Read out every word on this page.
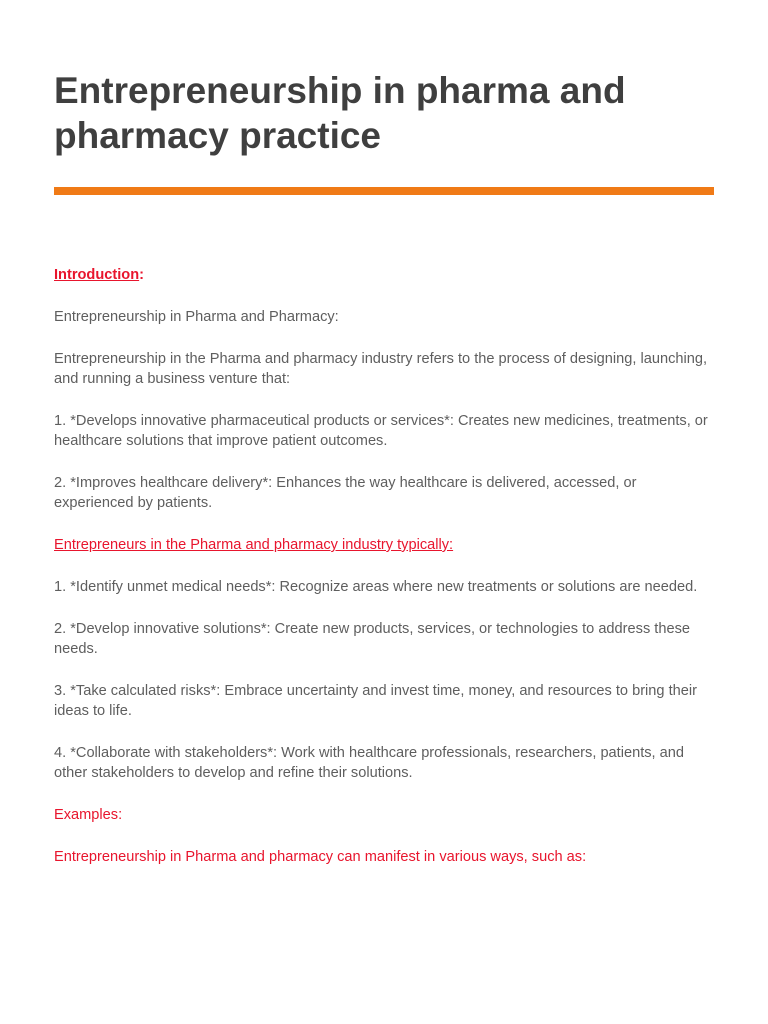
Entrepreneurship in pharma and pharmacy practice

Introduction:

Entrepreneurship in Pharma and Pharmacy:

Entrepreneurship in the Pharma and pharmacy industry refers to the process of designing, launching, and running a business venture that:

1. *Develops innovative pharmaceutical products or services*: Creates new medicines, treatments, or healthcare solutions that improve patient outcomes.

2. *Improves healthcare delivery*: Enhances the way healthcare is delivered, accessed, or experienced by patients.

Entrepreneurs in the Pharma and pharmacy industry typically:

1. *Identify unmet medical needs*: Recognize areas where new treatments or solutions are needed.

2. *Develop innovative solutions*: Create new products, services, or technologies to address these needs.

3. *Take calculated risks*: Embrace uncertainty and invest time, money, and resources to bring their ideas to life.

4. *Collaborate with stakeholders*: Work with healthcare professionals, researchers, patients, and other stakeholders to develop and refine their solutions.

Examples:

Entrepreneurship in Pharma and pharmacy can manifest in various ways, such as:
